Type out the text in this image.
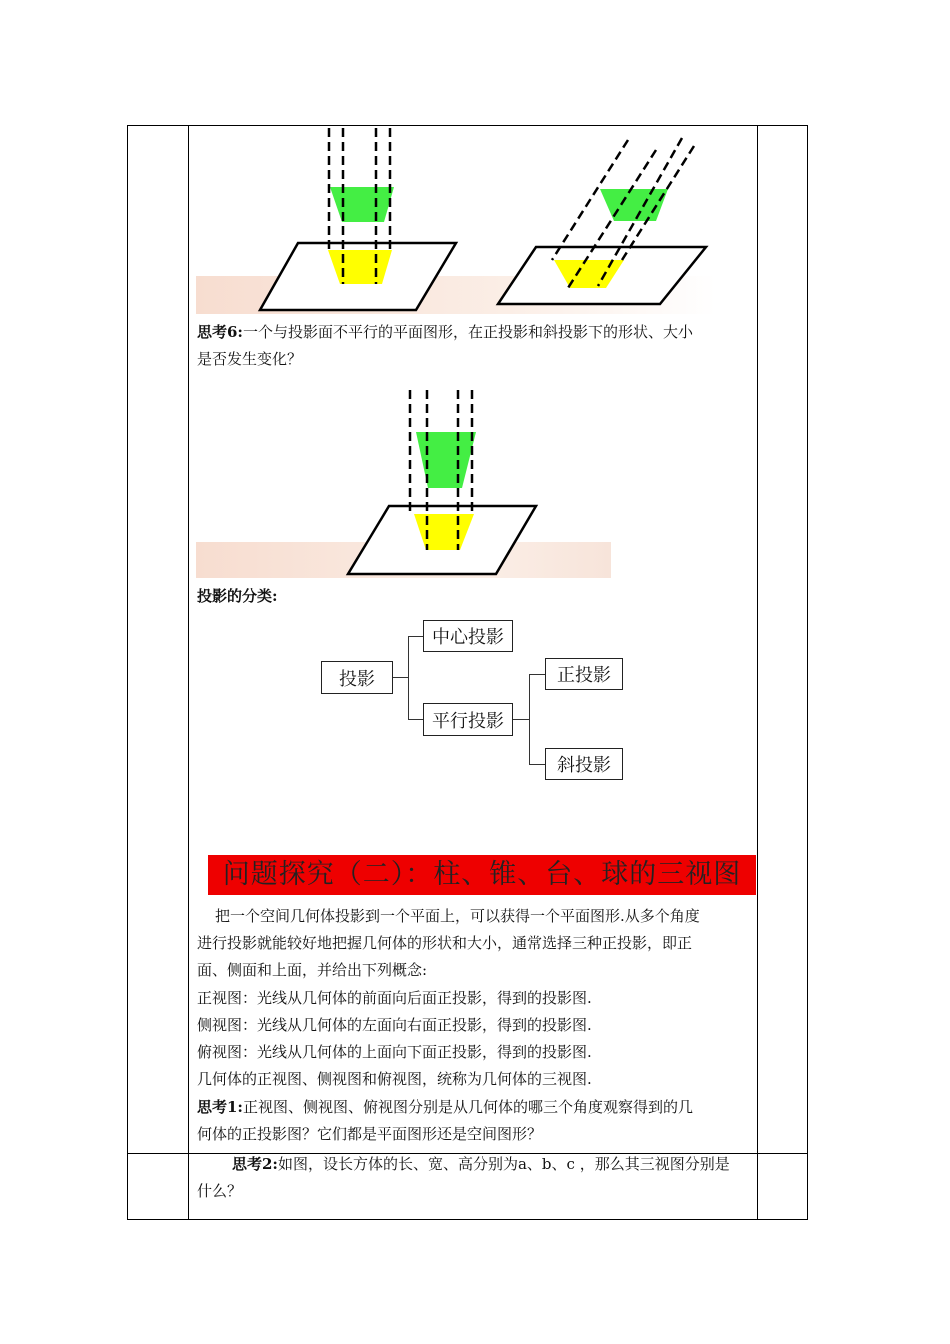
思考6:一个与投影面不平行的平面图形，在正投影和斜投影下的形状、大小
是否发生变化？
投影的分类:
投影
中心投影
平行投影
正投影
斜投影
问题探究（二）：柱、锥、台、球的三视图
把一个空间几何体投影到一个平面上，可以获得一个平面图形.从多个角度
进行投影就能较好地把握几何体的形状和大小，通常选择三种正投影，即正
面、侧面和上面，并给出下列概念:
正视图：光线从几何体的前面向后面正投影，得到的投影图.
侧视图：光线从几何体的左面向右面正投影，得到的投影图.
俯视图：光线从几何体的上面向下面正投影，得到的投影图.
几何体的正视图、侧视图和俯视图，统称为几何体的三视图.
思考1:正视图、侧视图、俯视图分别是从几何体的哪三个角度观察得到的几
何体的正投影图？它们都是平面图形还是空间图形？
思考2:如图，设长方体的长、宽、高分别为a、b、c ，那么其三视图分别是
什么？
